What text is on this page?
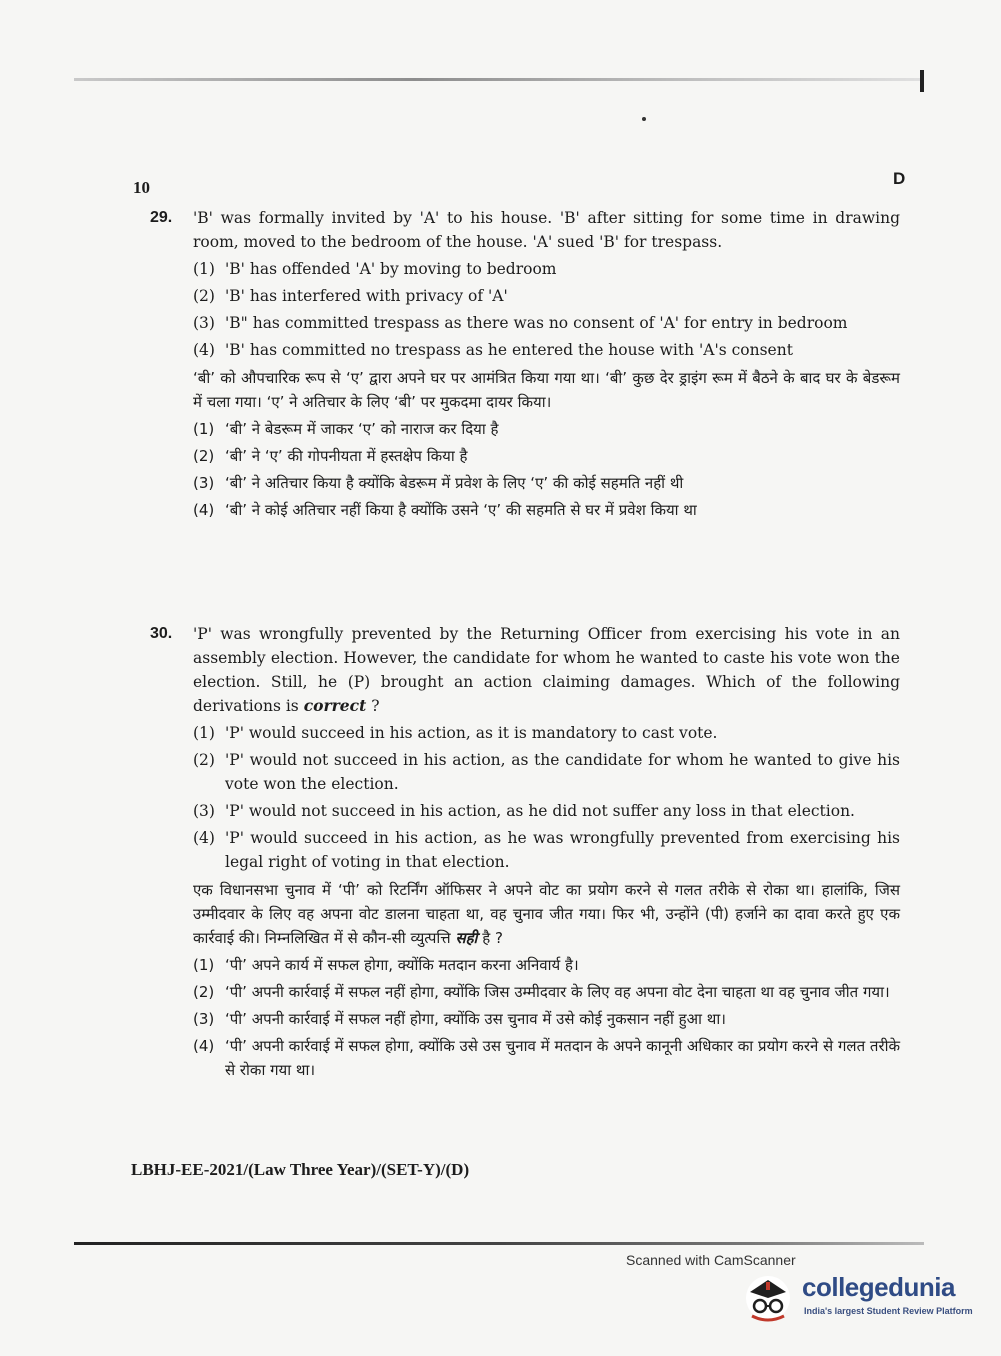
10	D
29. 'B' was formally invited by 'A' to his house. 'B' after sitting for some time in drawing room, moved to the bedroom of the house. 'A' sued 'B' for trespass.
(1) 'B' has offended 'A' by moving to bedroom
(2) 'B' has interfered with privacy of 'A'
(3) 'B" has committed trespass as there was no consent of 'A' for entry in bedroom
(4) 'B' has committed no trespass as he entered the house with 'A's consent
‘बी’ को औपचारिक रूप से ‘ए’ द्वारा अपने घर पर आमंत्रित किया गया था। ‘बी’ कुछ देर ड्राइंग रूम में बैठने के बाद घर के बेडरूम में चला गया। ‘ए’ ने अतिचार के लिए ‘बी’ पर मुकदमा दायर किया।
(1) ‘बी’ ने बेडरूम में जाकर ‘ए’ को नाराज कर दिया है
(2) ‘बी’ ने ‘ए’ की गोपनीयता में हस्तक्षेप किया है
(3) ‘बी’ ने अतिचार किया है क्योंकि बेडरूम में प्रवेश के लिए ‘ए’ की कोई सहमति नहीं थी
(4) ‘बी’ ने कोई अतिचार नहीं किया है क्योंकि उसने ‘ए’ की सहमति से घर में प्रवेश किया था
30. 'P' was wrongfully prevented by the Returning Officer from exercising his vote in an assembly election. However, the candidate for whom he wanted to caste his vote won the election. Still, he (P) brought an action claiming damages. Which of the following derivations is correct ?
(1) 'P' would succeed in his action, as it is mandatory to cast vote.
(2) 'P' would not succeed in his action, as the candidate for whom he wanted to give his vote won the election.
(3) 'P' would not succeed in his action, as he did not suffer any loss in that election.
(4) 'P' would succeed in his action, as he was wrongfully prevented from exercising his legal right of voting in that election.
एक विधानसभा चुनाव में ‘पी’ को रिटर्निंग ऑफिसर ने अपने वोट का प्रयोग करने से गलत तरीके से रोका था। हालांकि, जिस उम्मीदवार के लिए वह अपना वोट डालना चाहता था, वह चुनाव जीत गया। फिर भी, उन्होंने (पी) हर्जाने का दावा करते हुए एक कार्रवाई की। निम्नलिखित में से कौन-सी व्युत्पत्ति सही है ?
(1) ‘पी’ अपने कार्य में सफल होगा, क्योंकि मतदान करना अनिवार्य है।
(2) ‘पी’ अपनी कार्रवाई में सफल नहीं होगा, क्योंकि जिस उम्मीदवार के लिए वह अपना वोट देना चाहता था वह चुनाव जीत गया।
(3) ‘पी’ अपनी कार्रवाई में सफल नहीं होगा, क्योंकि उस चुनाव में उसे कोई नुकसान नहीं हुआ था।
(4) ‘पी’ अपनी कार्रवाई में सफल होगा, क्योंकि उसे उस चुनाव में मतदान के अपने कानूनी अधिकार का प्रयोग करने से गलत तरीके से रोका गया था।
LBHJ-EE-2021/(Law Three Year)/(SET-Y)/(D)
Scanned with CamScanner
collegedunia
India's largest Student Review Platform
